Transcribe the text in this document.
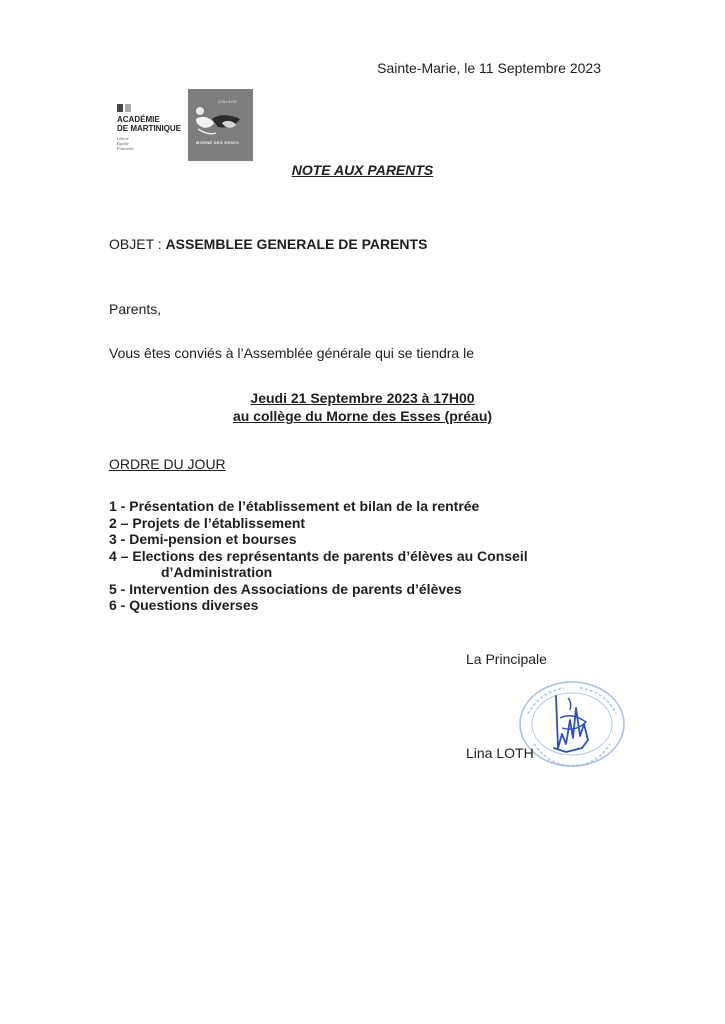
Sainte-Marie, le 11 Septembre 2023
ACADÉMIE
DE MARTINIQUE
Liberté
Égalité
Fraternité
COLLEGE
MORNE DES ESSES
NOTE AUX PARENTS
OBJET : ASSEMBLEE GENERALE DE PARENTS
Parents,
Vous êtes conviés à l’Assemblée générale qui se tiendra le
Jeudi 21 Septembre 2023 à 17H00
au collège du Morne des Esses (préau)
ORDRE DU JOUR
1 - Présentation de l’établissement et bilan de la rentrée
2 – Projets de l’établissement
3 - Demi-pension et bourses
4 – Elections des représentants de parents d’élèves au Conseil
d’Administration
5 - Intervention des Associations de parents d’élèves
6 - Questions diverses
La Principale
Lina LOTH
